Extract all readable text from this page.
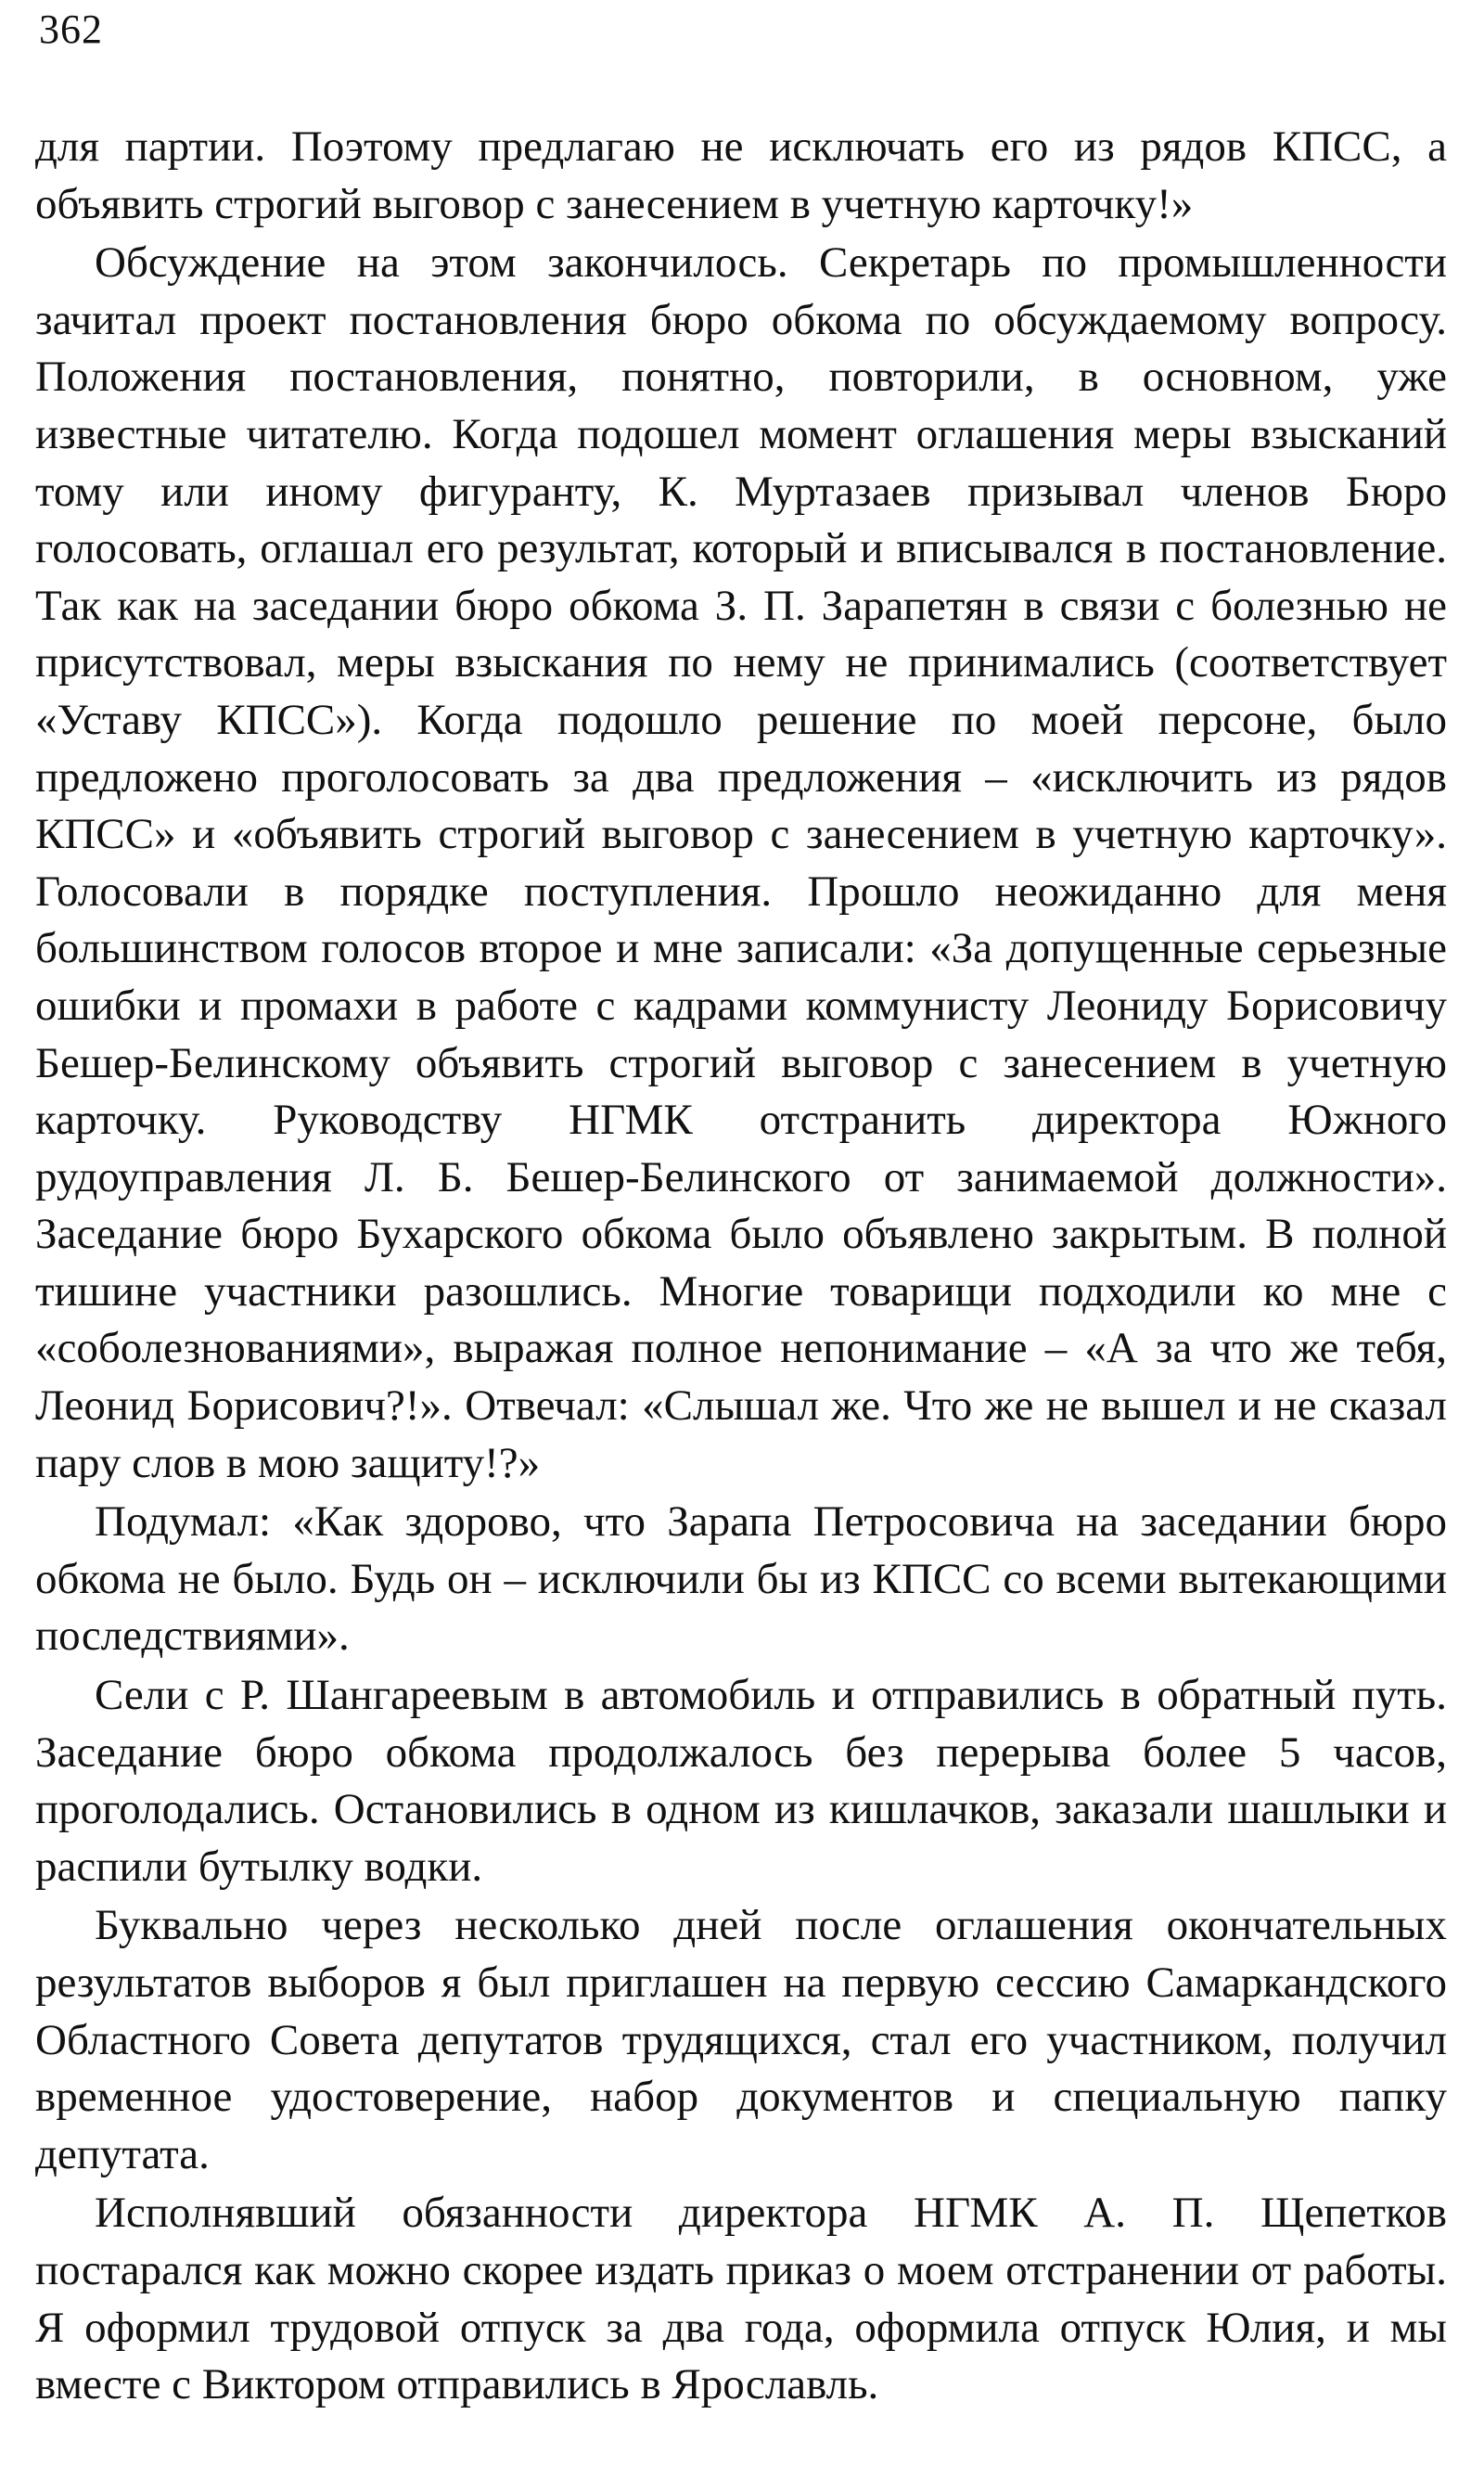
362

для партии. Поэтому предлагаю не исключать его из рядов КПСС, а объявить строгий выговор с занесением в учетную карточку!»

Обсуждение на этом закончилось. Секретарь по промышленности зачитал проект постановления бюро обкома по обсуждаемому вопросу. Положения постановления, понятно, повторили, в основном, уже известные читателю. Когда подошел момент оглашения меры взысканий тому или иному фигуранту, К. Муртазаев призывал членов Бюро голосовать, оглашал его результат, который и вписывался в постановление. Так как на заседании бюро обкома З. П. Зарапетян в связи с болезнью не присутствовал, меры взыскания по нему не принимались (соответствует «Уставу КПСС»). Когда подошло решение по моей персоне, было предложено проголосовать за два предложения – «исключить из рядов КПСС» и «объявить строгий выговор с занесением в учетную карточку». Голосовали в порядке поступления. Прошло неожиданно для меня большинством голосов второе и мне записали: «За допущенные серьезные ошибки и промахи в работе с кадрами коммунисту Леониду Борисовичу Бешер-Белинскому объявить строгий выговор с занесением в учетную карточку. Руководству НГМК отстранить директора Южного рудоуправления Л. Б. Бешер-Белинского от занимаемой должности». Заседание бюро Бухарского обкома было объявлено закрытым. В полной тишине участники разошлись. Многие товарищи подходили ко мне с «соболезнованиями», выражая полное непонимание – «А за что же тебя, Леонид Борисович?!». Отвечал: «Слышал же. Что же не вышел и не сказал пару слов в мою защиту!?»

Подумал: «Как здорово, что Зарапа Петросовича на заседании бюро обкома не было. Будь он – исключили бы из КПСС со всеми вытекающими последствиями».

Сели с Р. Шангареевым в автомобиль и отправились в обратный путь. Заседание бюро обкома продолжалось без перерыва более 5 часов, проголодались. Остановились в одном из кишлачков, заказали шашлыки и распили бутылку водки.

Буквально через несколько дней после оглашения окончательных результатов выборов я был приглашен на первую сессию Самаркандского Областного Совета депутатов трудящихся, стал его участником, получил временное удостоверение, набор документов и специальную папку депутата.

Исполнявший обязанности директора НГМК А. П. Щепетков постарался как можно скорее издать приказ о моем отстранении от работы. Я оформил трудовой отпуск за два года, оформила отпуск Юлия, и мы вместе с Виктором отправились в Ярославль.
